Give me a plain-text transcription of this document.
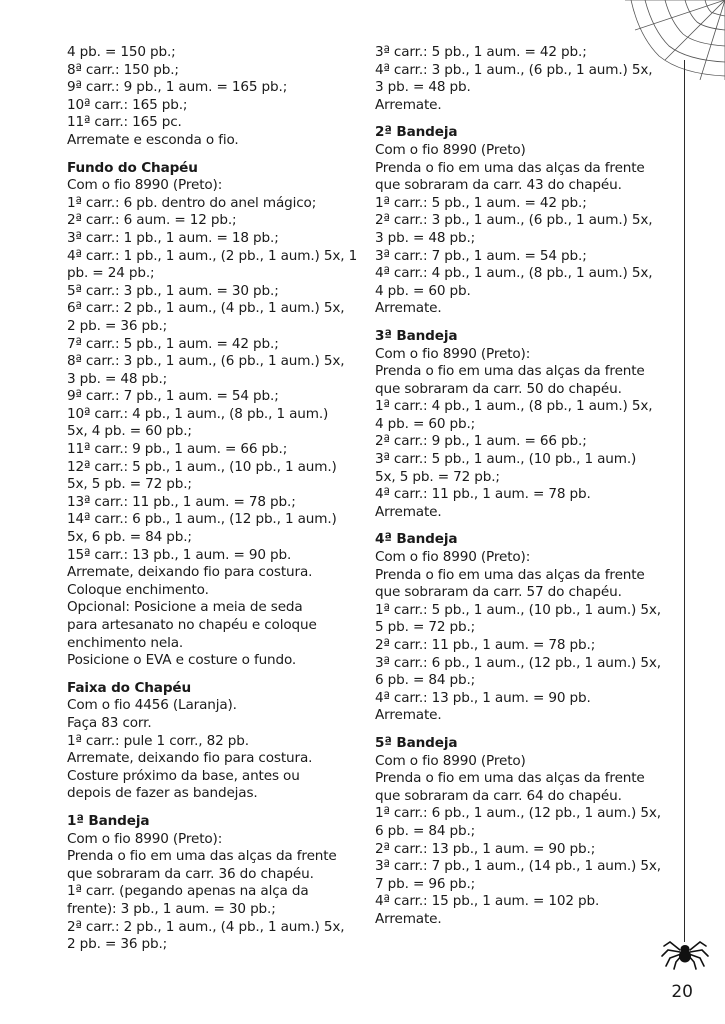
4 pb. = 150 pb.;
8ª carr.: 150 pb.;
9ª carr.: 9 pb., 1 aum. = 165 pb.;
10ª carr.: 165 pb.;
11ª carr.: 165 pc.
Arremate e esconda o fio.
Fundo do Chapéu
Com o fio 8990 (Preto):
1ª carr.: 6 pb. dentro do anel mágico;
2ª carr.: 6 aum. = 12 pb.;
3ª carr.: 1 pb., 1 aum. = 18 pb.;
4ª carr.: 1 pb., 1 aum., (2 pb., 1 aum.) 5x, 1
pb. = 24 pb.;
5ª carr.: 3 pb., 1 aum. = 30 pb.;
6ª carr.: 2 pb., 1 aum., (4 pb., 1 aum.) 5x,
2 pb. = 36 pb.;
7ª carr.: 5 pb., 1 aum. = 42 pb.;
8ª carr.: 3 pb., 1 aum., (6 pb., 1 aum.) 5x,
3 pb. = 48 pb.;
9ª carr.: 7 pb., 1 aum. = 54 pb.;
10ª carr.: 4 pb., 1 aum., (8 pb., 1 aum.)
5x, 4 pb. = 60 pb.;
11ª carr.: 9 pb., 1 aum. = 66 pb.;
12ª carr.: 5 pb., 1 aum., (10 pb., 1 aum.)
5x, 5 pb. = 72 pb.;
13ª carr.: 11 pb., 1 aum. = 78 pb.;
14ª carr.: 6 pb., 1 aum., (12 pb., 1 aum.)
5x, 6 pb. = 84 pb.;
15ª carr.: 13 pb., 1 aum. = 90 pb.
Arremate, deixando fio para costura.
Coloque enchimento.
Opcional: Posicione a meia de seda
para artesanato no chapéu e coloque
enchimento nela.
Posicione o EVA e costure o fundo.
Faixa do Chapéu
Com o fio 4456 (Laranja).
Faça 83 corr.
1ª carr.: pule 1 corr., 82 pb.
Arremate, deixando fio para costura.
Costure próximo da base, antes ou
depois de fazer as bandejas.
1ª Bandeja
Com o fio 8990 (Preto):
Prenda o fio em uma das alças da frente
que sobraram da carr. 36 do chapéu.
1ª carr. (pegando apenas na alça da
frente): 3 pb., 1 aum. = 30 pb.;
2ª carr.: 2 pb., 1 aum., (4 pb., 1 aum.) 5x,
2 pb. = 36 pb.;
3ª carr.: 5 pb., 1 aum. = 42 pb.;
4ª carr.: 3 pb., 1 aum., (6 pb., 1 aum.) 5x,
3 pb. = 48 pb.
Arremate.
2ª Bandeja
Com o fio 8990 (Preto)
Prenda o fio em uma das alças da frente
que sobraram da carr. 43 do chapéu.
1ª carr.: 5 pb., 1 aum. = 42 pb.;
2ª carr.: 3 pb., 1 aum., (6 pb., 1 aum.) 5x,
3 pb. = 48 pb.;
3ª carr.: 7 pb., 1 aum. = 54 pb.;
4ª carr.: 4 pb., 1 aum., (8 pb., 1 aum.) 5x,
4 pb. = 60 pb.
Arremate.
3ª Bandeja
Com o fio 8990 (Preto):
Prenda o fio em uma das alças da frente
que sobraram da carr. 50 do chapéu.
1ª carr.: 4 pb., 1 aum., (8 pb., 1 aum.) 5x,
4 pb. = 60 pb.;
2ª carr.: 9 pb., 1 aum. = 66 pb.;
3ª carr.: 5 pb., 1 aum., (10 pb., 1 aum.)
5x, 5 pb. = 72 pb.;
4ª carr.: 11 pb., 1 aum. = 78 pb.
Arremate.
4ª Bandeja
Com o fio 8990 (Preto):
Prenda o fio em uma das alças da frente
que sobraram da carr. 57 do chapéu.
1ª carr.: 5 pb., 1 aum., (10 pb., 1 aum.) 5x,
5 pb. = 72 pb.;
2ª carr.: 11 pb., 1 aum. = 78 pb.;
3ª carr.: 6 pb., 1 aum., (12 pb., 1 aum.) 5x,
6 pb. = 84 pb.;
4ª carr.: 13 pb., 1 aum. = 90 pb.
Arremate.
5ª Bandeja
Com o fio 8990 (Preto)
Prenda o fio em uma das alças da frente
que sobraram da carr. 64 do chapéu.
1ª carr.: 6 pb., 1 aum., (12 pb., 1 aum.) 5x,
6 pb. = 84 pb.;
2ª carr.: 13 pb., 1 aum. = 90 pb.;
3ª carr.: 7 pb., 1 aum., (14 pb., 1 aum.) 5x,
7 pb. = 96 pb.;
4ª carr.: 15 pb., 1 aum. = 102 pb.
Arremate.
20
